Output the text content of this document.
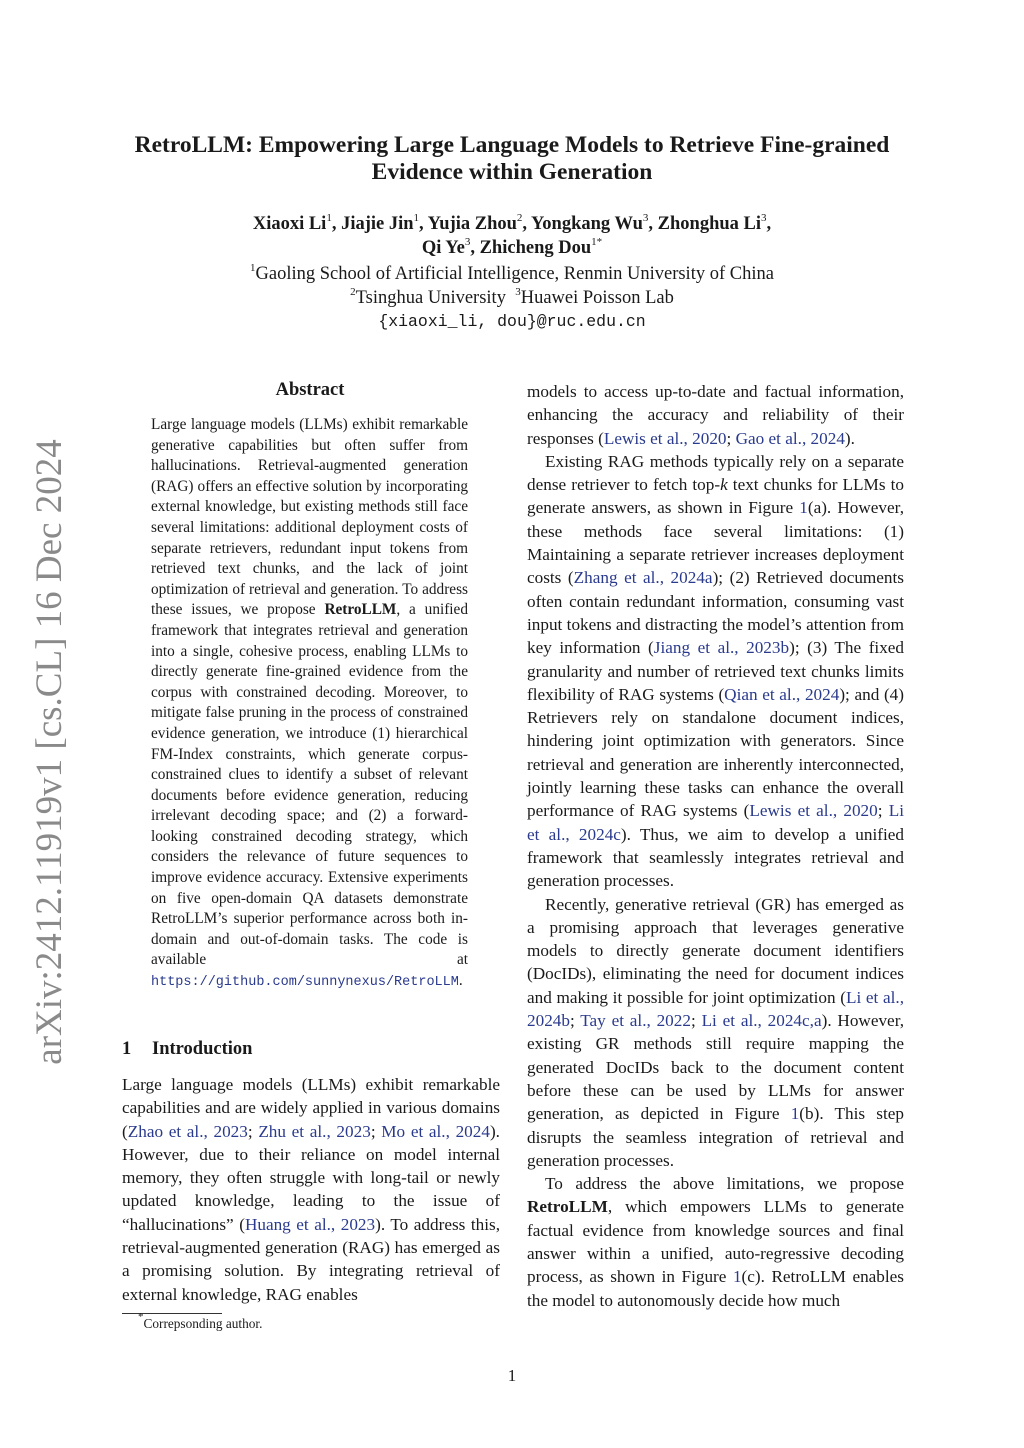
arXiv:2412.11919v1 [cs.CL] 16 Dec 2024
RetroLLM: Empowering Large Language Models to Retrieve Fine-grained Evidence within Generation
Xiaoxi Li$^1$, Jiajie Jin$^1$, Yujia Zhou$^2$, Yongkang Wu$^3$, Zhonghua Li$^3$,
Qi Ye$^3$, Zhicheng Dou$^{1*}$
$^1$Gaoling School of Artificial Intelligence, Renmin University of China
$^2$Tsinghua University $^3$Huawei Poisson Lab
{xiaoxi_li, dou}@ruc.edu.cn
Abstract

Large language models (LLMs) exhibit remarkable generative capabilities but often suffer from hallucinations. Retrieval-augmented generation (RAG) offers an effective solution by incorporating external knowledge, but existing methods still face several limitations: additional deployment costs of separate retrievers, redundant input tokens from retrieved text chunks, and the lack of joint optimization of retrieval and generation. To address these issues, we propose RetroLLM, a unified framework that integrates retrieval and generation into a single, cohesive process, enabling LLMs to directly generate fine-grained evidence from the corpus with constrained decoding. Moreover, to mitigate false pruning in the process of constrained evidence generation, we introduce (1) hierarchical FM-Index constraints, which generate corpus-constrained clues to identify a subset of relevant documents before evidence generation, reducing irrelevant decoding space; and (2) a forward-looking constrained decoding strategy, which considers the relevance of future sequences to improve evidence accuracy. Extensive experiments on five open-domain QA datasets demonstrate RetroLLM’s superior performance across both in-domain and out-of-domain tasks. The code is available at https://github.com/sunnynexus/RetroLLM.

1 Introduction

Large language models (LLMs) exhibit remarkable capabilities and are widely applied in various domains (Zhao et al., 2023; Zhu et al., 2023; Mo et al., 2024). However, due to their reliance on model internal memory, they often struggle with long-tail or newly updated knowledge, leading to the issue of “hallucinations” (Huang et al., 2023). To address this, retrieval-augmented generation (RAG) has emerged as a promising solution. By integrating retrieval of external knowledge, RAG enables

models to access up-to-date and factual information, enhancing the accuracy and reliability of their responses (Lewis et al., 2020; Gao et al., 2024).

Existing RAG methods typically rely on a separate dense retriever to fetch top-k text chunks for LLMs to generate answers, as shown in Figure 1(a). However, these methods face several limitations: (1) Maintaining a separate retriever increases deployment costs (Zhang et al., 2024a); (2) Retrieved documents often contain redundant information, consuming vast input tokens and distracting the model’s attention from key information (Jiang et al., 2023b); (3) The fixed granularity and number of retrieved text chunks limits flexibility of RAG systems (Qian et al., 2024); and (4) Retrievers rely on standalone document indices, hindering joint optimization with generators. Since retrieval and generation are inherently interconnected, jointly learning these tasks can enhance the overall performance of RAG systems (Lewis et al., 2020; Li et al., 2024c). Thus, we aim to develop a unified framework that seamlessly integrates retrieval and generation processes.

Recently, generative retrieval (GR) has emerged as a promising approach that leverages generative models to directly generate document identifiers (DocIDs), eliminating the need for document indices and making it possible for joint optimization (Li et al., 2024b; Tay et al., 2022; Li et al., 2024c,a). However, existing GR methods still require mapping the generated DocIDs back to the document content before these can be used by LLMs for answer generation, as depicted in Figure 1(b). This step disrupts the seamless integration of retrieval and generation processes.

To address the above limitations, we propose RetroLLM, which empowers LLMs to generate factual evidence from knowledge sources and final answer within a unified, auto-regressive decoding process, as shown in Figure 1(c). RetroLLM enables the model to autonomously decide how much

*Correpsonding author.
1
